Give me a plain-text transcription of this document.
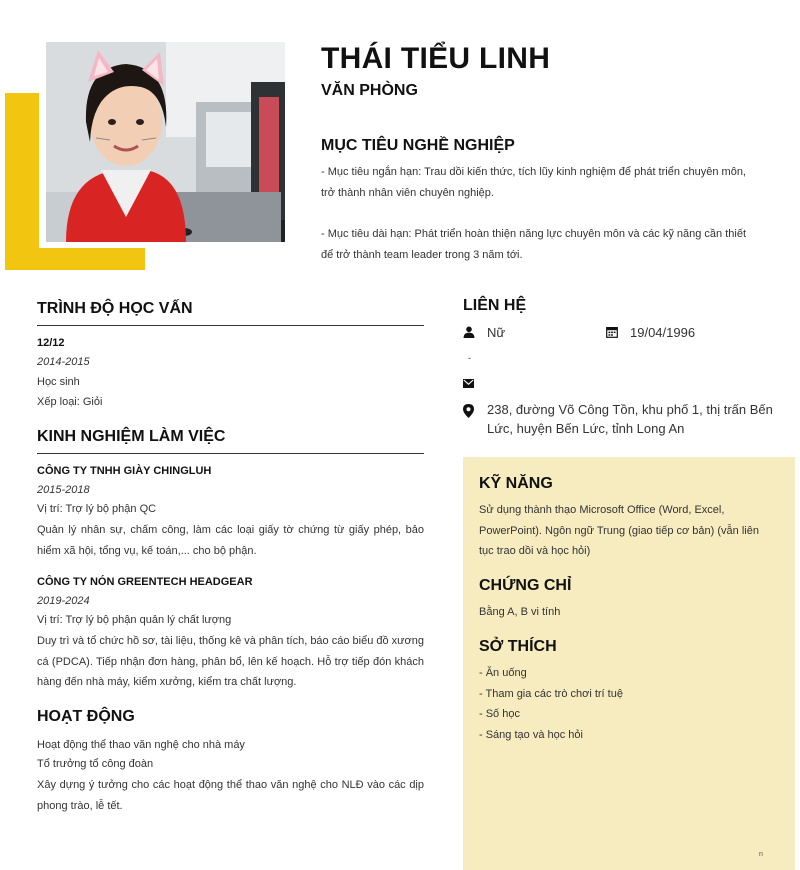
THÁI TIỂU LINH
VĂN PHÒNG
MỤC TIÊU NGHỀ NGHIỆP

- Mục tiêu ngắn hạn: Trau dồi kiến thức, tích lũy kinh nghiệm để phát triển chuyên môn, trở thành nhân viên chuyên nghiệp.

- Mục tiêu dài hạn: Phát triển hoàn thiện năng lực chuyên môn và các kỹ năng cần thiết để trở thành team leader trong 3 năm tới.

TRÌNH ĐỘ HỌC VẤN

12/12

2014-2015

Học sinh

Xếp loại: Giỏi

KINH NGHIỆM LÀM VIỆC

CÔNG TY TNHH GIÀY CHINGLUH

2015-2018

Vị trí: Trợ lý bộ phận QC

Quản lý nhân sự, chấm công, làm các loại giấy tờ chứng từ giấy phép, bảo hiểm xã hội, tổng vụ, kế toán,... cho bộ phận.

CÔNG TY NÓN GREENTECH HEADGEAR

2019-2024

Vị trí: Trợ lý bộ phận quản lý chất lượng

Duy trì và tổ chức hồ sơ, tài liệu, thống kê và phân tích, báo cáo biểu đồ xương cá (PDCA). Tiếp nhận đơn hàng, phân bổ, lên kế hoạch. Hỗ trợ tiếp đón khách hàng đến nhà máy, kiểm xưởng, kiểm tra chất lượng.

HOẠT ĐỘNG

Hoạt động thể thao văn nghệ cho nhà máy

Tổ trưởng tổ công đoàn

Xây dựng ý tưởng cho các hoạt động thể thao văn nghệ cho NLĐ vào các dịp phong trào, lễ tết.

LIÊN HỆ

Nữ	19/04/1996

-

238, đường Võ Công Tồn, khu phố 1, thị trấn Bến Lức, huyện Bến Lức, tỉnh Long An

KỸ NĂNG

Sử dụng thành thạo Microsoft Office (Word, Excel, PowerPoint). Ngôn ngữ Trung (giao tiếp cơ bản) (vẫn liên tục trao dồi và học hỏi)

CHỨNG CHỈ

Bằng A, B vi tính

SỞ THÍCH

- Ăn uống

- Tham gia các trò chơi trí tuệ

- Số học

- Sáng tạo và học hỏi

n
